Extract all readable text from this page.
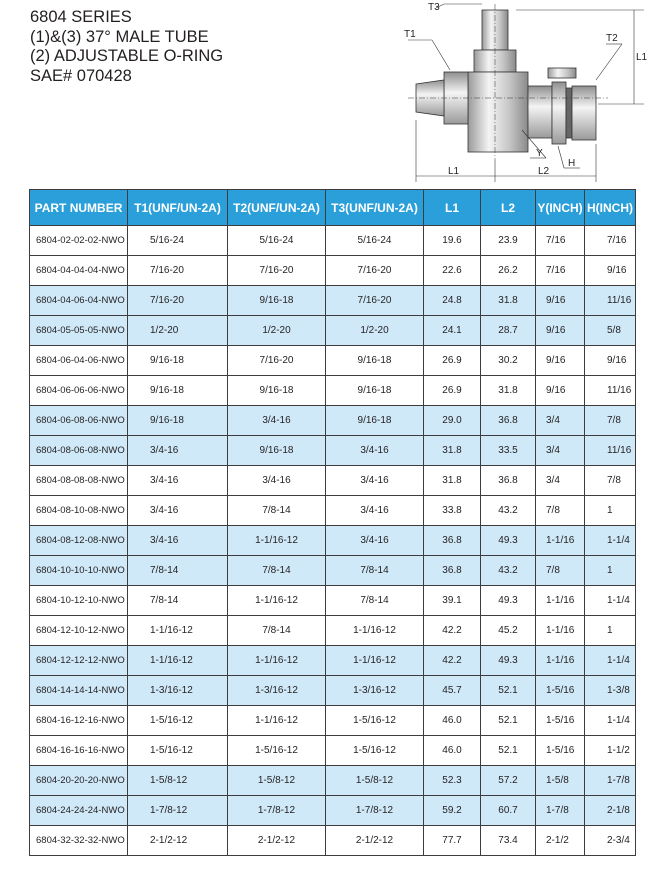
6804 SERIES
(1)&(3) 37° MALE TUBE
(2) ADJUSTABLE O-RING
SAE# 070428
T3
T1	T2
L1
Y
H
L1	L2
PART NUMBER	T1(UNF/UN-2A)	T2(UNF/UN-2A)	T3(UNF/UN-2A)	L1	L2	Y(INCH)	H(INCH)
6804-02-02-02-NWO	5/16-24	5/16-24	5/16-24	19.6	23.9	7/16	7/16
6804-04-04-04-NWO	7/16-20	7/16-20	7/16-20	22.6	26.2	7/16	9/16
6804-04-06-04-NWO	7/16-20	9/16-18	7/16-20	24.8	31.8	9/16	11/16
6804-05-05-05-NWO	1/2-20	1/2-20	1/2-20	24.1	28.7	9/16	5/8
6804-06-04-06-NWO	9/16-18	7/16-20	9/16-18	26.9	30.2	9/16	9/16
6804-06-06-06-NWO	9/16-18	9/16-18	9/16-18	26.9	31.8	9/16	11/16
6804-06-08-06-NWO	9/16-18	3/4-16	9/16-18	29.0	36.8	3/4	7/8
6804-08-06-08-NWO	3/4-16	9/16-18	3/4-16	31.8	33.5	3/4	11/16
6804-08-08-08-NWO	3/4-16	3/4-16	3/4-16	31.8	36.8	3/4	7/8
6804-08-10-08-NWO	3/4-16	7/8-14	3/4-16	33.8	43.2	7/8	1
6804-08-12-08-NWO	3/4-16	1-1/16-12	3/4-16	36.8	49.3	1-1/16	1-1/4
6804-10-10-10-NWO	7/8-14	7/8-14	7/8-14	36.8	43.2	7/8	1
6804-10-12-10-NWO	7/8-14	1-1/16-12	7/8-14	39.1	49.3	1-1/16	1-1/4
6804-12-10-12-NWO	1-1/16-12	7/8-14	1-1/16-12	42.2	45.2	1-1/16	1
6804-12-12-12-NWO	1-1/16-12	1-1/16-12	1-1/16-12	42.2	49.3	1-1/16	1-1/4
6804-14-14-14-NWO	1-3/16-12	1-3/16-12	1-3/16-12	45.7	52.1	1-5/16	1-3/8
6804-16-12-16-NWO	1-5/16-12	1-1/16-12	1-5/16-12	46.0	52.1	1-5/16	1-1/4
6804-16-16-16-NWO	1-5/16-12	1-5/16-12	1-5/16-12	46.0	52.1	1-5/16	1-1/2
6804-20-20-20-NWO	1-5/8-12	1-5/8-12	1-5/8-12	52.3	57.2	1-5/8	1-7/8
6804-24-24-24-NWO	1-7/8-12	1-7/8-12	1-7/8-12	59.2	60.7	1-7/8	2-1/8
6804-32-32-32-NWO	2-1/2-12	2-1/2-12	2-1/2-12	77.7	73.4	2-1/2	2-3/4
